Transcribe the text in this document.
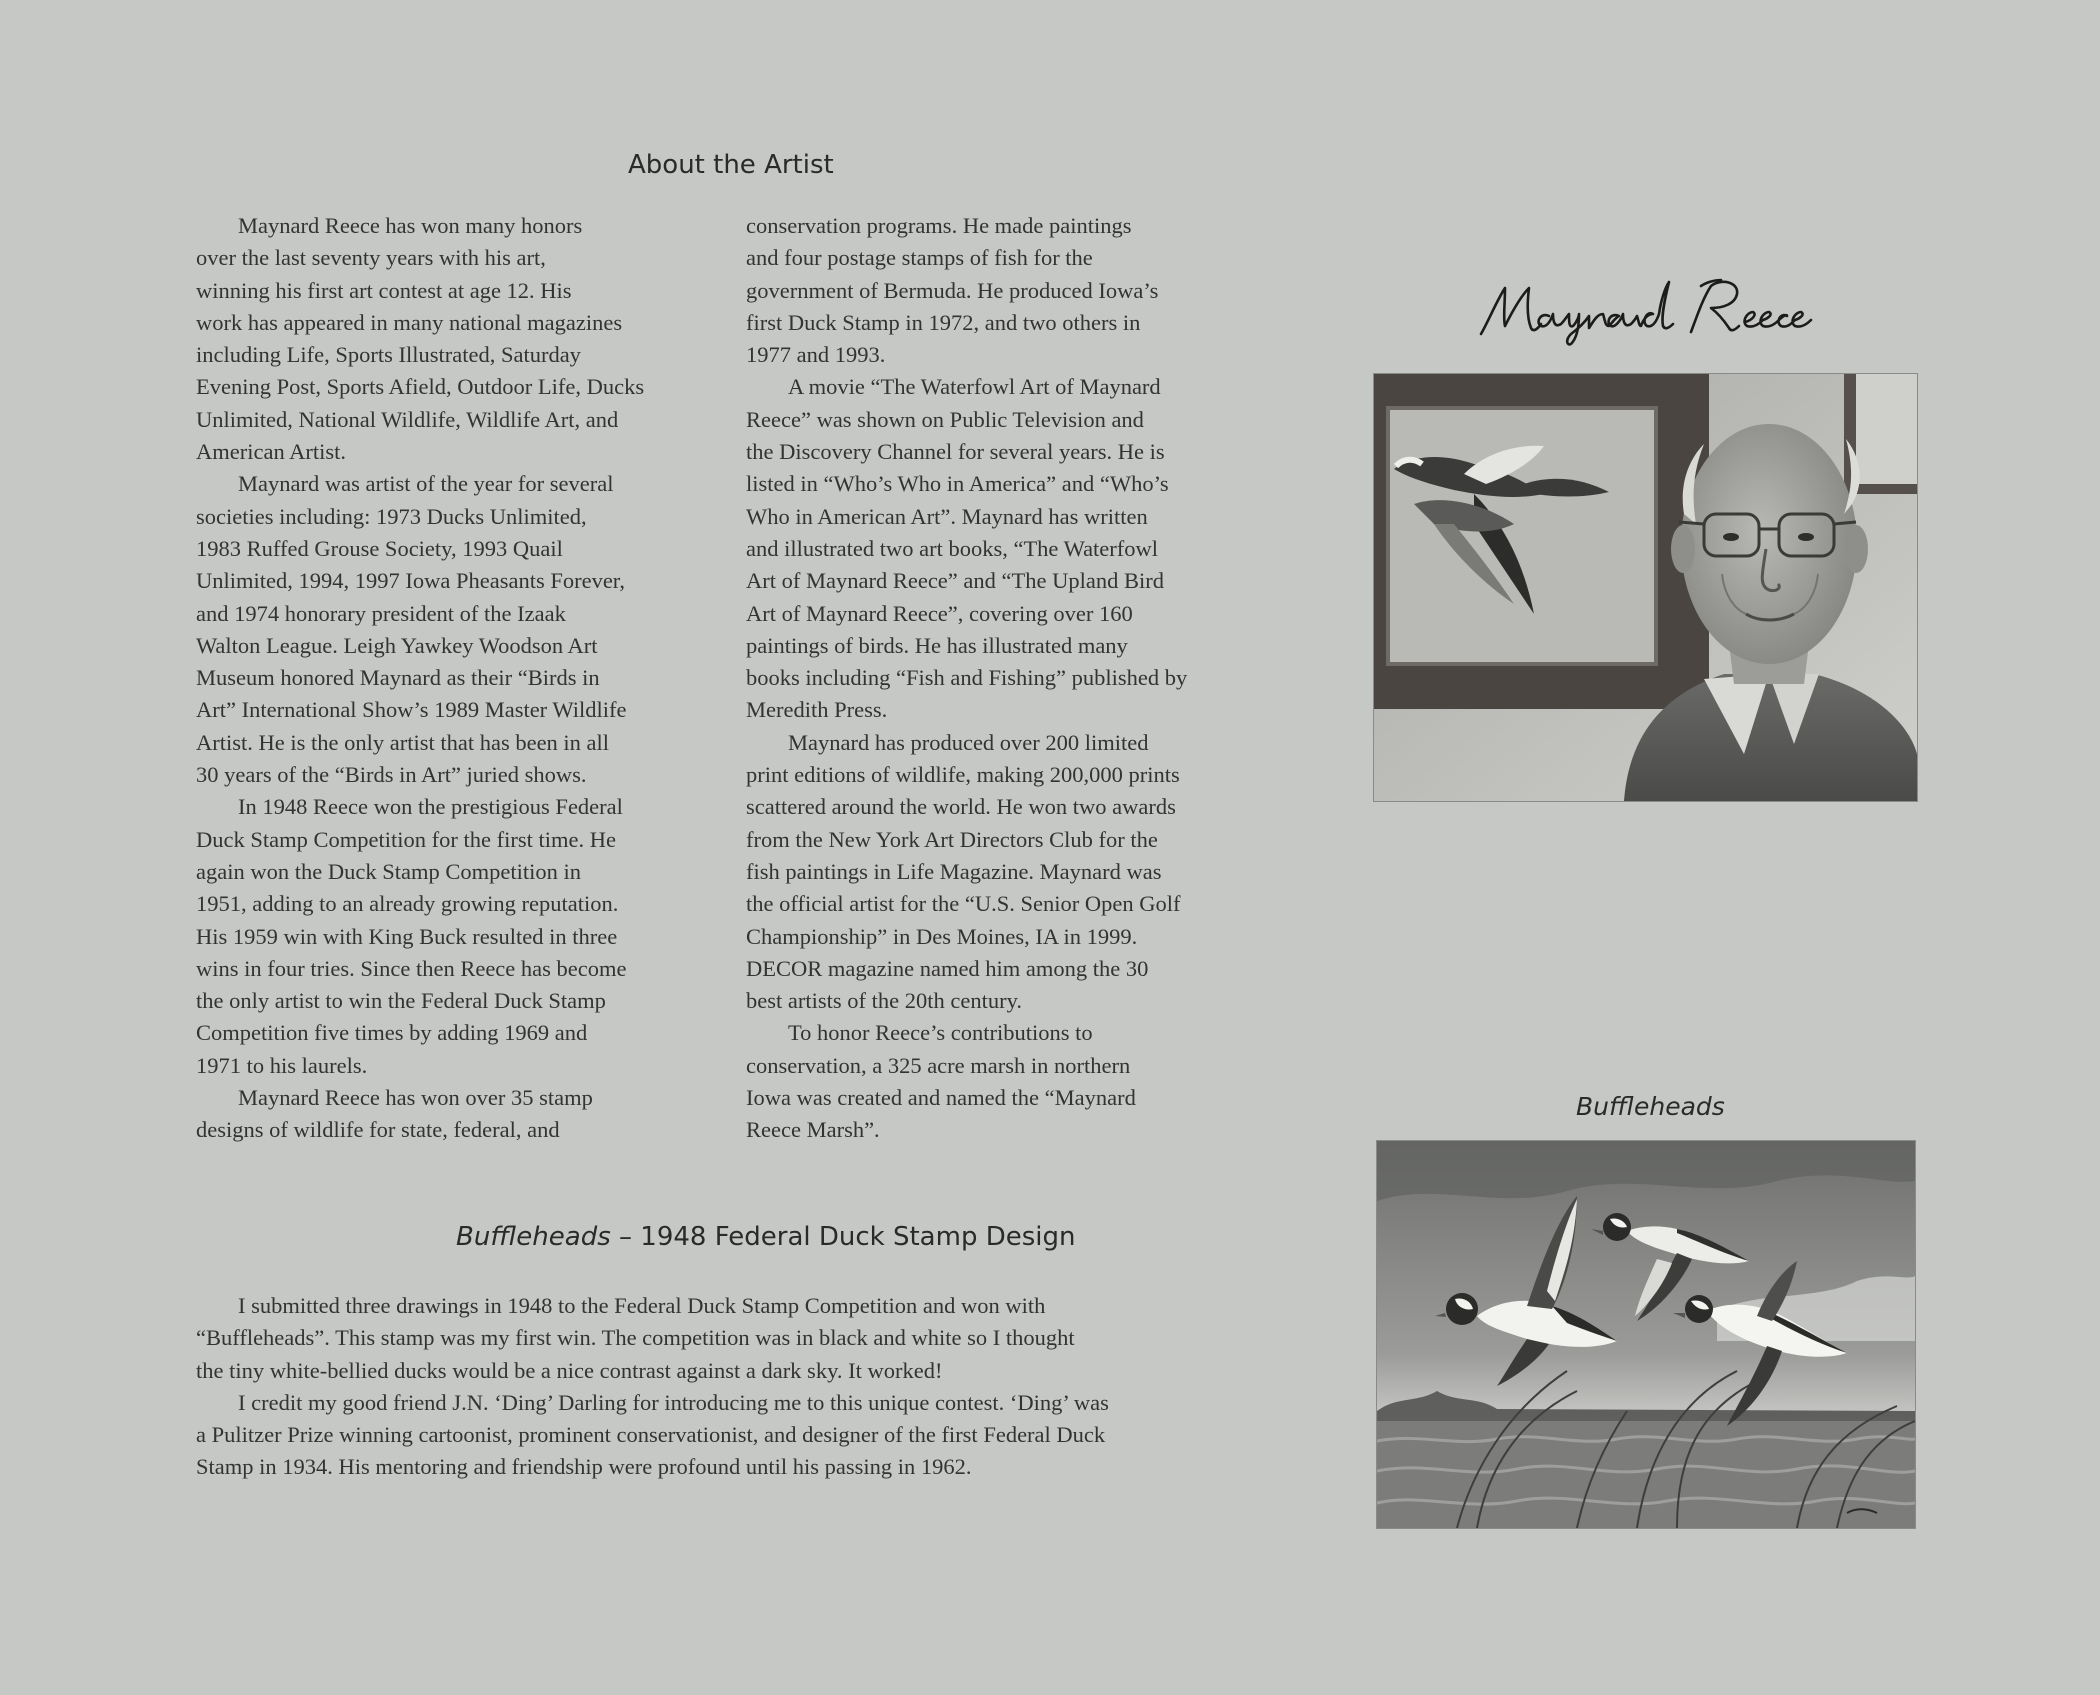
About the Artist
Maynard Reece has won many honors
over the last seventy years with his art,
winning his first art contest at age 12. His
work has appeared in many national magazines
including Life, Sports Illustrated, Saturday
Evening Post, Sports Afield, Outdoor Life, Ducks
Unlimited, National Wildlife, Wildlife Art, and
American Artist.
Maynard was artist of the year for several
societies including: 1973 Ducks Unlimited,
1983 Ruffed Grouse Society, 1993 Quail
Unlimited, 1994, 1997 Iowa Pheasants Forever,
and 1974 honorary president of the Izaak
Walton League. Leigh Yawkey Woodson Art
Museum honored Maynard as their “Birds in
Art” International Show’s 1989 Master Wildlife
Artist. He is the only artist that has been in all
30 years of the “Birds in Art” juried shows.
In 1948 Reece won the prestigious Federal
Duck Stamp Competition for the first time. He
again won the Duck Stamp Competition in
1951, adding to an already growing reputation.
His 1959 win with King Buck resulted in three
wins in four tries. Since then Reece has become
the only artist to win the Federal Duck Stamp
Competition five times by adding 1969 and
1971 to his laurels.
Maynard Reece has won over 35 stamp
designs of wildlife for state, federal, and
conservation programs. He made paintings
and four postage stamps of fish for the
government of Bermuda. He produced Iowa’s
first Duck Stamp in 1972, and two others in
1977 and 1993.
A movie “The Waterfowl Art of Maynard
Reece” was shown on Public Television and
the Discovery Channel for several years. He is
listed in “Who’s Who in America” and “Who’s
Who in American Art”. Maynard has written
and illustrated two art books, “The Waterfowl
Art of Maynard Reece” and “The Upland Bird
Art of Maynard Reece”, covering over 160
paintings of birds. He has illustrated many
books including “Fish and Fishing” published by
Meredith Press.
Maynard has produced over 200 limited
print editions of wildlife, making 200,000 prints
scattered around the world. He won two awards
from the New York Art Directors Club for the
fish paintings in Life Magazine. Maynard was
the official artist for the “U.S. Senior Open Golf
Championship” in Des Moines, IA in 1999.
DECOR magazine named him among the 30
best artists of the 20th century.
To honor Reece’s contributions to
conservation, a 325 acre marsh in northern
Iowa was created and named the “Maynard
Reece Marsh”.
Buffleheads – 1948 Federal Duck Stamp Design
I submitted three drawings in 1948 to the Federal Duck Stamp Competition and won with
“Buffleheads”. This stamp was my first win. The competition was in black and white so I thought
the tiny white-bellied ducks would be a nice contrast against a dark sky. It worked!
I credit my good friend J.N. ‘Ding’ Darling for introducing me to this unique contest. ‘Ding’ was
a Pulitzer Prize winning cartoonist, prominent conservationist, and designer of the first Federal Duck
Stamp in 1934. His mentoring and friendship were profound until his passing in 1962.
Buffleheads
